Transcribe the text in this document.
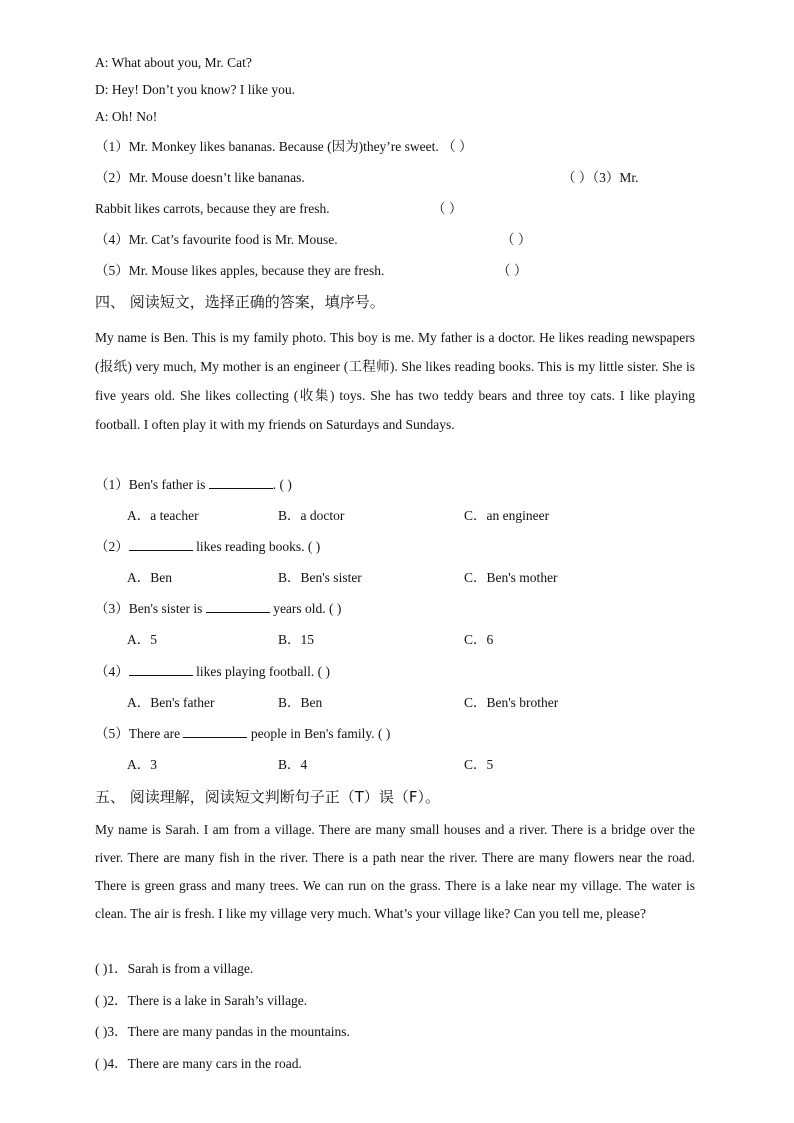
A: What about you, Mr. Cat?
D: Hey! Don’t you know? I like you.
A: Oh! No!
（1）Mr. Monkey likes bananas. Because (因为)they’re sweet. （ ）
（2）Mr. Mouse doesn’t like bananas.	（ ）（3）Mr.
Rabbit likes carrots, because they are fresh.	（ ）
（4）Mr. Cat’s favourite food is Mr. Mouse.	（ ）
（5）Mr. Mouse likes apples, because they are fresh.	（ ）
四、 阅读短文，选择正确的答案，填序号。
My name is Ben. This is my family photo. This boy is me. My father is a doctor. He likes reading newspapers (报纸) very much, My mother is an engineer (工程师). She likes reading books. This is my little sister. She is five years old. She likes collecting (收集) toys. She has two teddy bears and three toy cats. I like playing football. I often play it with my friends on Saturdays and Sundays.
（1）Ben's father is	. ( )
A．a teacher	B．a doctor	C．an engineer
（2）	likes reading books. ( )
A．Ben	B．Ben's sister	C．Ben's mother
（3）Ben's sister is	years old. ( )
A．5	B．15	C．6
（4）	likes playing football. ( )
A．Ben's father	B．Ben	C．Ben's brother
（5）There are	people in Ben's family. ( )
A．3	B．4	C．5
五、 阅读理解，阅读短文判断句子正（T）误（F）。
My name is Sarah. I am from a village. There are many small houses and a river. There is a bridge over the river. There are many fish in the river. There is a path near the river. There are many flowers near the road. There is green grass and many trees. We can run on the grass. There is a lake near my village. The water is clean. The air is fresh. I like my village very much. What’s your village like? Can you tell me, please?
( )1．Sarah is from a village.
( )2．There is a lake in Sarah’s village.
( )3．There are many pandas in the mountains.
( )4．There are many cars in the road.
